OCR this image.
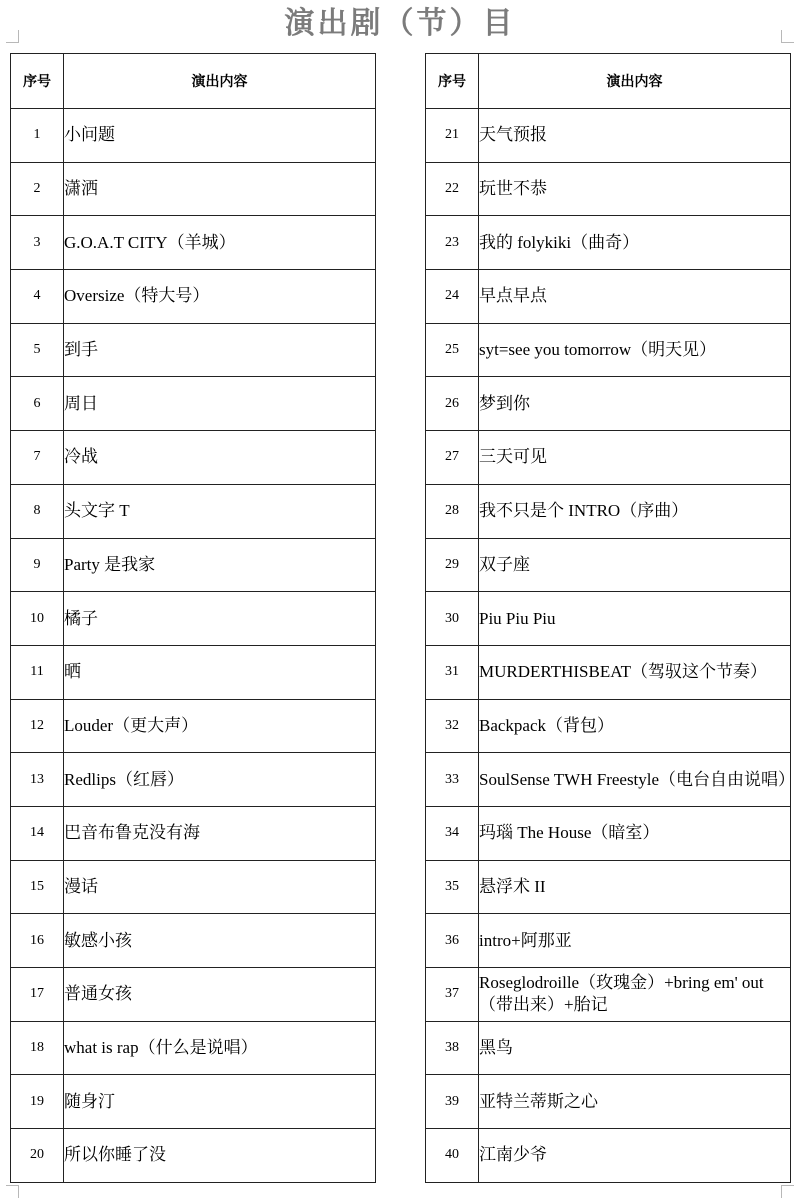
演出剧（节）目
序号	演出内容
1	小问题
2	潇洒
3	G.O.A.T CITY（羊城）
4	Oversize（特大号）
5	到手
6	周日
7	冷战
8	头文字 T
9	Party 是我家
10	橘子
11	晒
12	Louder（更大声）
13	Redlips（红唇）
14	巴音布鲁克没有海
15	漫话
16	敏感小孩
17	普通女孩
18	what is rap（什么是说唱）
19	随身汀
20	所以你睡了没
序号	演出内容
21	天气预报
22	玩世不恭
23	我的 folykiki（曲奇）
24	早点早点
25	syt=see you tomorrow（明天见）
26	梦到你
27	三天可见
28	我不只是个 INTRO（序曲）
29	双子座
30	Piu Piu Piu
31	MURDERTHISBEAT（驾驭这个节奏）
32	Backpack（背包）
33	SoulSense TWH Freestyle（电台自由说唱）
34	玛瑙 The House（暗室）
35	悬浮术 II
36	intro+阿那亚
37	Roseglodroille（玫瑰金）+bring em' out（带出来）+胎记
38	黑鸟
39	亚特兰蒂斯之心
40	江南少爷
